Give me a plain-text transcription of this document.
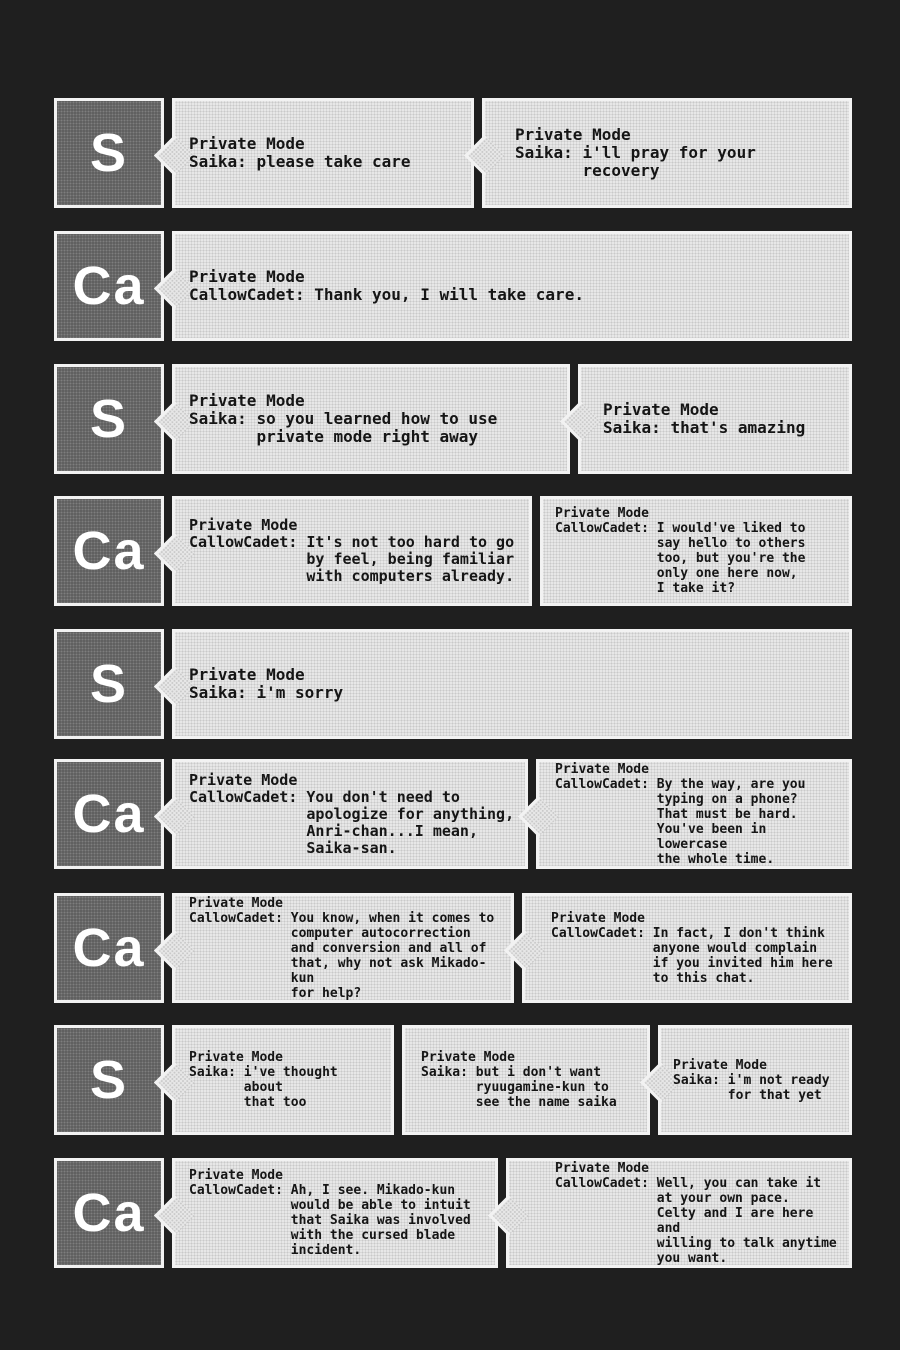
S	Private Mode
Saika : please take care
Private Mode
Saika : i'll pray for your recovery
Ca	Private Mode
CallowCadet : Thank you, I will take care.
S	Private Mode
Saika : so you learned how to use
private mode right away
Private Mode
Saika : that's amazing
Ca	Private Mode
CallowCadet : It's not too hard to go
by feel, being familiar
with computers already.
Private Mode
CallowCadet : I would've liked to
say hello to others
too, but you're the
only one here now,
I take it?
S	Private Mode
Saika : i'm sorry
Ca
Private Mode
CallowCadet : You don't need to
apologize for anything,
Anri-chan...I mean,
Saika-san.
Private Mode
CallowCadet : By the way, are you
typing on a phone?
That must be hard.
You've been in lowercase
the whole time.
Ca
Private Mode
CallowCadet : You know, when it comes to
computer autocorrection
and conversion and all of
that, why not ask Mikado-kun
for help?
Private Mode
CallowCadet : In fact, I don't think
anyone would complain
if you invited him here
to this chat.
S	Private Mode
Saika : i've thought about
that too
Private Mode
Saika : but i don't want
ryuugamine-kun to
see the name saika
Private Mode
Saika : i'm not ready
for that yet
Ca
Private Mode
CallowCadet : Ah, I see. Mikado-kun
would be able to intuit
that Saika was involved
with the cursed blade
incident.
Private Mode
CallowCadet : Well, you can take it
at your own pace.
Celty and I are here and
willing to talk anytime
you want.
